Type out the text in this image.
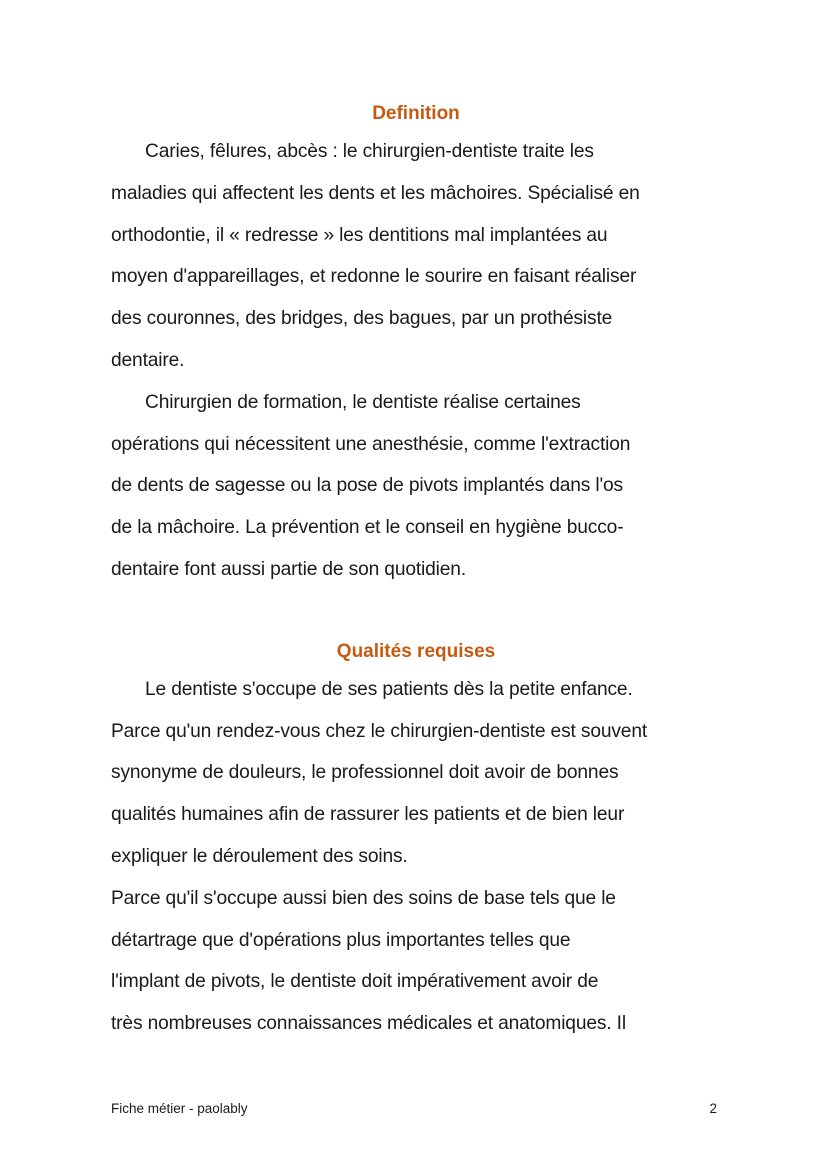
Definition

Caries, fêlures, abcès : le chirurgien-dentiste traite les
maladies qui affectent les dents et les mâchoires. Spécialisé en
orthodontie, il « redresse » les dentitions mal implantées au
moyen d'appareillages, et redonne le sourire en faisant réaliser
des couronnes, des bridges, des bagues, par un prothésiste
dentaire.

Chirurgien de formation, le dentiste réalise certaines
opérations qui nécessitent une anesthésie, comme l'extraction
de dents de sagesse ou la pose de pivots implantés dans l'os
de la mâchoire. La prévention et le conseil en hygiène bucco-
dentaire font aussi partie de son quotidien.

Qualités requises

Le dentiste s'occupe de ses patients dès la petite enfance.
Parce qu'un rendez-vous chez le chirurgien-dentiste est souvent
synonyme de douleurs, le professionnel doit avoir de bonnes
qualités humaines afin de rassurer les patients et de bien leur
expliquer le déroulement des soins.

Parce qu'il s'occupe aussi bien des soins de base tels que le
détartrage que d'opérations plus importantes telles que
l'implant de pivots, le dentiste doit impérativement avoir de
très nombreuses connaissances médicales et anatomiques. Il

Fiche métier - paolably	2
